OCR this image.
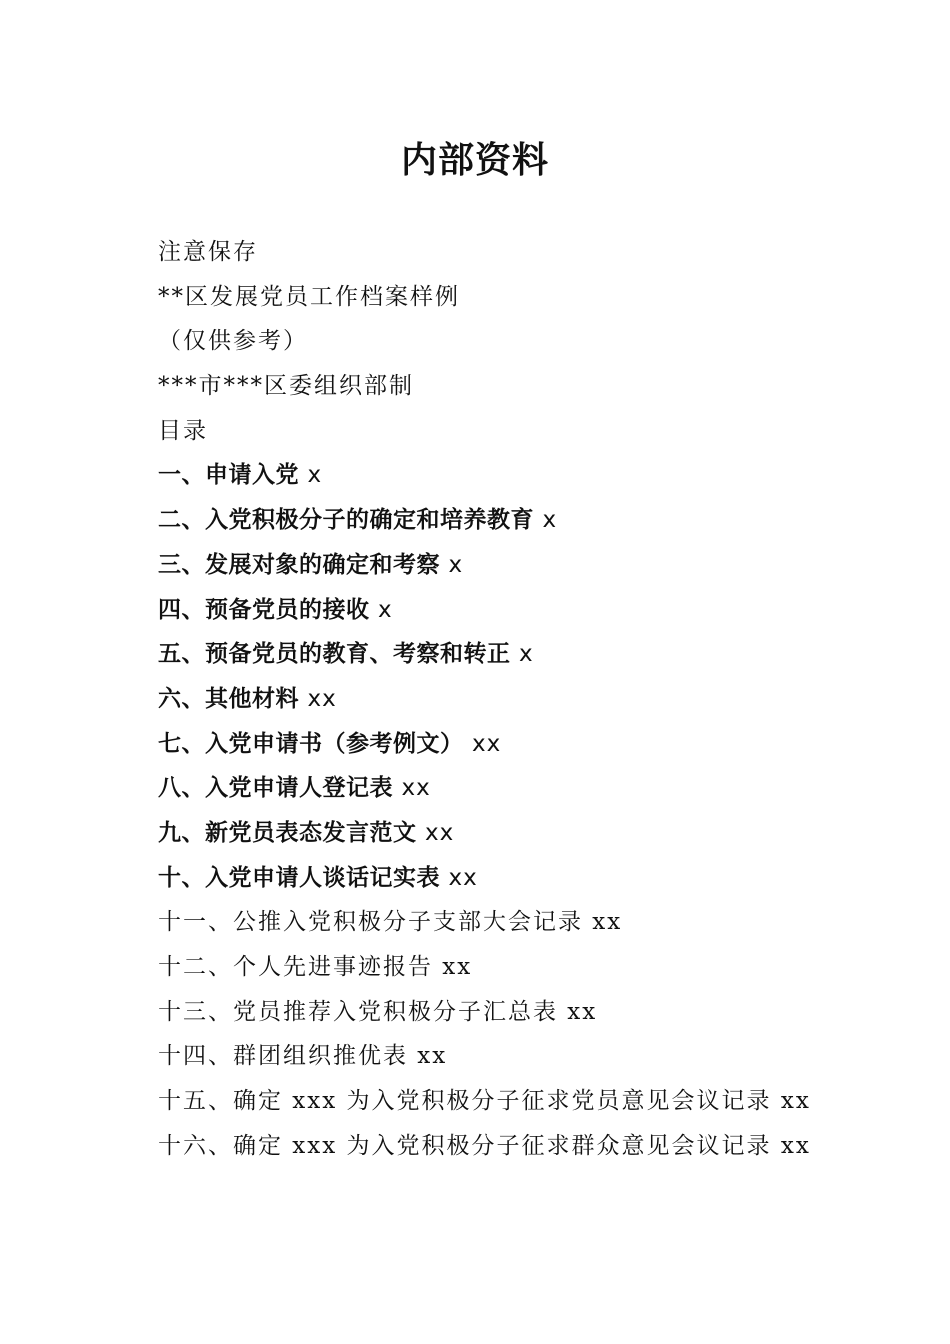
内部资料
注意保存
**区发展党员工作档案样例
（仅供参考）
***市***区委组织部制
目录
一、申请入党 x
二、入党积极分子的确定和培养教育 x
三、发展对象的确定和考察 x
四、预备党员的接收 x
五、预备党员的教育、考察和转正 x
六、其他材料 xx
七、入党申请书（参考例文） xx
八、入党申请人登记表 xx
九、新党员表态发言范文 xx
十、入党申请人谈话记实表 xx
十一、公推入党积极分子支部大会记录 xx
十二、个人先进事迹报告 xx
十三、党员推荐入党积极分子汇总表 xx
十四、群团组织推优表 xx
十五、确定 xxx 为入党积极分子征求党员意见会议记录 xx
十六、确定 xxx 为入党积极分子征求群众意见会议记录 xx
